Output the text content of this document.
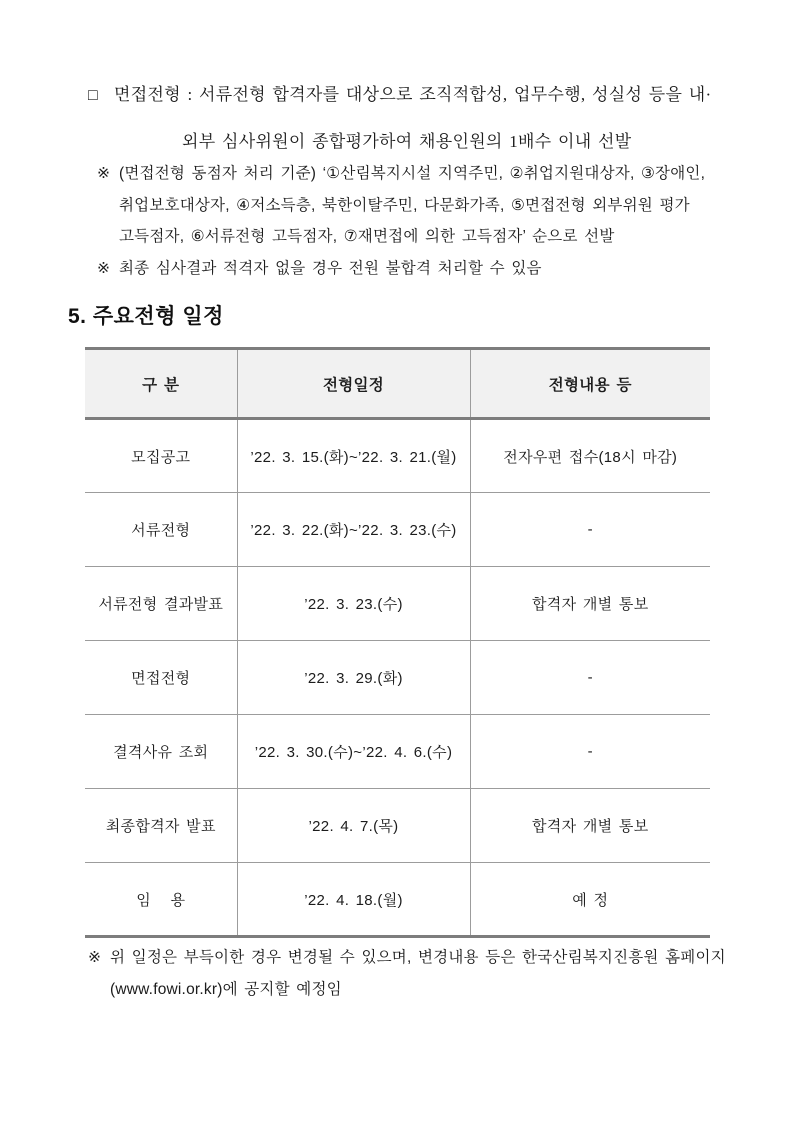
□ 면접전형 : 서류전형 합격자를 대상으로 조직적합성, 업무수행, 성실성 등을 내·
외부 심사위원이 종합평가하여 채용인원의 1배수 이내 선발
※ (면접전형 동점자 처리 기준) ‘①산림복지시설 지역주민, ②취업지원대상자, ③장애인,
취업보호대상자, ④저소득층, 북한이탈주민, 다문화가족, ⑤면접전형 외부위원 평가
고득점자, ⑥서류전형 고득점자, ⑦재면접에 의한 고득점자’ 순으로 선발
※ 최종 심사결과 적격자 없을 경우 전원 불합격 처리할 수 있음
5. 주요전형 일정
구 분	전형일정	전형내용 등
모집공고	’22. 3. 15.(화)~’22. 3. 21.(월)	전자우편 접수(18시 마감)
서류전형	’22. 3. 22.(화)~’22. 3. 23.(수)	-
서류전형 결과발표	’22. 3. 23.(수)	합격자 개별 통보
면접전형	’22. 3. 29.(화)	-
결격사유 조회	’22. 3. 30.(수)~’22. 4. 6.(수)	-
최종합격자 발표	’22. 4. 7.(목)	합격자 개별 통보
임   용	’22. 4. 18.(월)	예 정
※ 위 일정은 부득이한 경우 변경될 수 있으며, 변경내용 등은 한국산림복지진흥원 홈페이지
(www.fowi.or.kr)에 공지할 예정임
